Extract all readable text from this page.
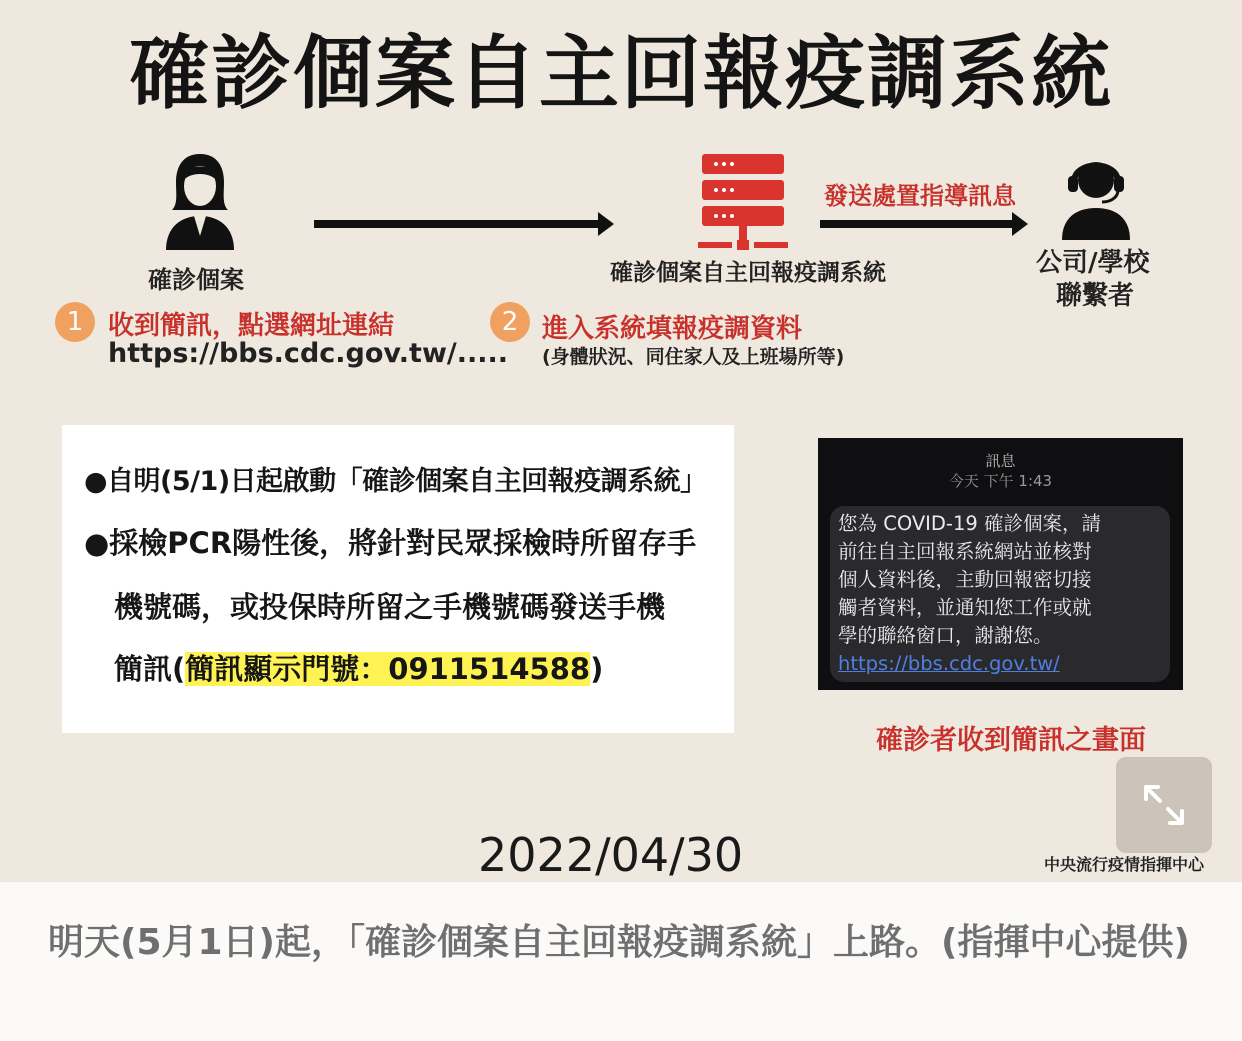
確診個案自主回報疫調系統
確診個案	確診個案自主回報疫調系統
發送處置指導訊息
公司/學校
聯繫者
1 收到簡訊，點選網址連結
https://bbs.cdc.gov.tw/.....
2 進入系統填報疫調資料
(身體狀況、同住家人及上班場所等)

●自明(5/1)日起啟動「確診個案自主回報疫調系統」

●採檢PCR陽性後，將針對民眾採檢時所留存手

機號碼，或投保時所留之手機號碼發送手機

簡訊(簡訊顯示門號：0911514588)

訊息
今天 下午 1:43
您為 COVID-19 確診個案，請
前往自主回報系統網站並核對
個人資料後，主動回報密切接
觸者資料，並通知您工作或就
學的聯絡窗口，謝謝您。
https://bbs.cdc.gov.tw/
確診者收到簡訊之畫面
2022/04/30	中央流行疫情指揮中心
明天(5月1日)起，「確診個案自主回報疫調系統」上路。(指揮中心提供)
